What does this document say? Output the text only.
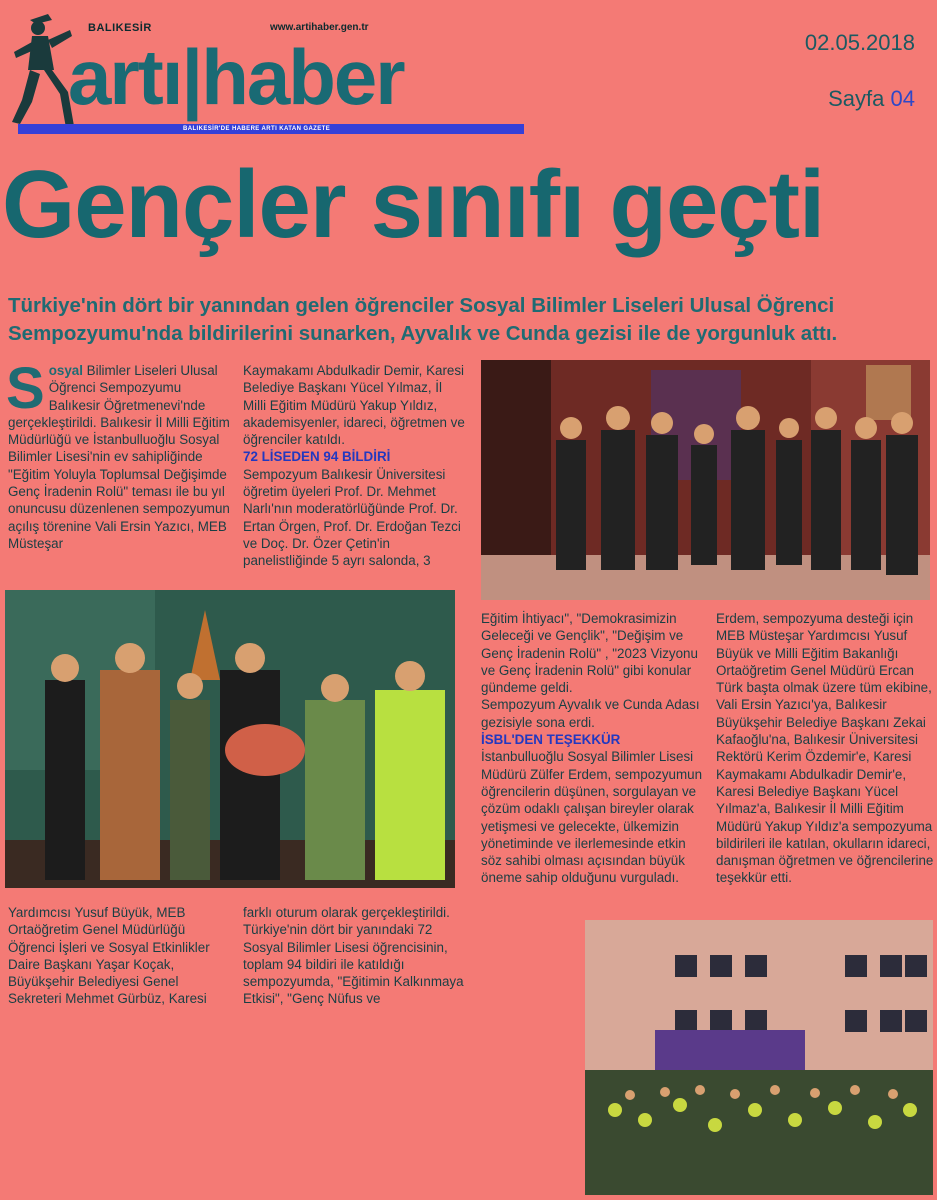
BALIKESİR	www.artihaber.gen.tr
artı|haber
BALIKESİR'DE HABERE ARTI KATAN GAZETE
02.05.2018
Sayfa 04
Gençler sınıfı geçti
Türkiye'nin dört bir yanından gelen öğrenciler Sosyal Bilimler Liseleri Ulusal Öğrenci Sempozyumu'nda bildirilerini sunarken, Ayvalık ve Cunda gezisi ile de yorgunluk attı.

Sosyal Bilimler Liseleri Ulusal Öğrenci Sempozyumu Balıkesir Öğretmenevi'nde gerçekleştirildi. Balıkesir İl Milli Eğitim Müdürlüğü ve İstanbulluoğlu Sosyal Bilimler Lisesi'nin ev sahipliğinde "Eğitim Yoluyla Toplumsal Değişimde Genç İradenin Rolü" teması ile bu yıl onuncusu düzenlenen sempozyumun açılış törenine Vali Ersin Yazıcı, MEB Müsteşar

Kaymakamı Abdulkadir Demir, Karesi Belediye Başkanı Yücel Yılmaz, İl Milli Eğitim Müdürü Yakup Yıldız, akademisyenler, idareci, öğretmen ve öğrenciler katıldı.

72 LİSEDEN 94 BİLDİRİ

Sempozyum Balıkesir Üniversitesi öğretim üyeleri Prof. Dr. Mehmet Narlı'nın moderatörlüğünde Prof. Dr. Ertan Örgen, Prof. Dr. Erdoğan Tezci ve Doç. Dr. Özer Çetin'in panelistliğinde 5 ayrı salonda, 3

Eğitim İhtiyacı", "Demokrasimizin Geleceği ve Gençlik", "Değişim ve Genç İradenin Rolü" , "2023 Vizyonu ve Genç İradenin Rolü" gibi konular gündeme geldi.

Sempozyum Ayvalık ve Cunda Adası gezisiyle sona erdi.

İSBL'DEN TEŞEKKÜR

İstanbulluoğlu Sosyal Bilimler Lisesi Müdürü Zülfer Erdem, sempozyumun öğrencilerin düşünen, sorgulayan ve çözüm odaklı çalışan bireyler olarak yetişmesi ve gelecekte, ülkemizin yönetiminde ve ilerlemesinde etkin söz sahibi olması açısından büyük öneme sahip olduğunu vurguladı.

Erdem, sempozyuma desteği için MEB Müsteşar Yardımcısı Yusuf Büyük ve Milli Eğitim Bakanlığı Ortaöğretim Genel Müdürü Ercan Türk başta olmak üzere tüm ekibine, Vali Ersin Yazıcı'ya, Balıkesir Büyükşehir Belediye Başkanı Zekai Kafaoğlu'na, Balıkesir Üniversitesi Rektörü Kerim Özdemir'e, Karesi Kaymakamı Abdulkadir Demir'e, Karesi Belediye Başkanı Yücel Yılmaz'a, Balıkesir İl Milli Eğitim Müdürü Yakup Yıldız'a sempozyuma bildirileri ile katılan, okulların idareci, danışman öğretmen ve öğrencilerine teşekkür etti.

Yardımcısı Yusuf Büyük, MEB Ortaöğretim Genel Müdürlüğü Öğrenci İşleri ve Sosyal Etkinlikler Daire Başkanı Yaşar Koçak, Büyükşehir Belediyesi Genel Sekreteri Mehmet Gürbüz, Karesi

farklı oturum olarak gerçekleştirildi. Türkiye'nin dört bir yanındaki 72 Sosyal Bilimler Lisesi öğrencisinin, toplam 94 bildiri ile katıldığı sempozyumda, "Eğitimin Kalkınmaya Etkisi", "Genç Nüfus ve
